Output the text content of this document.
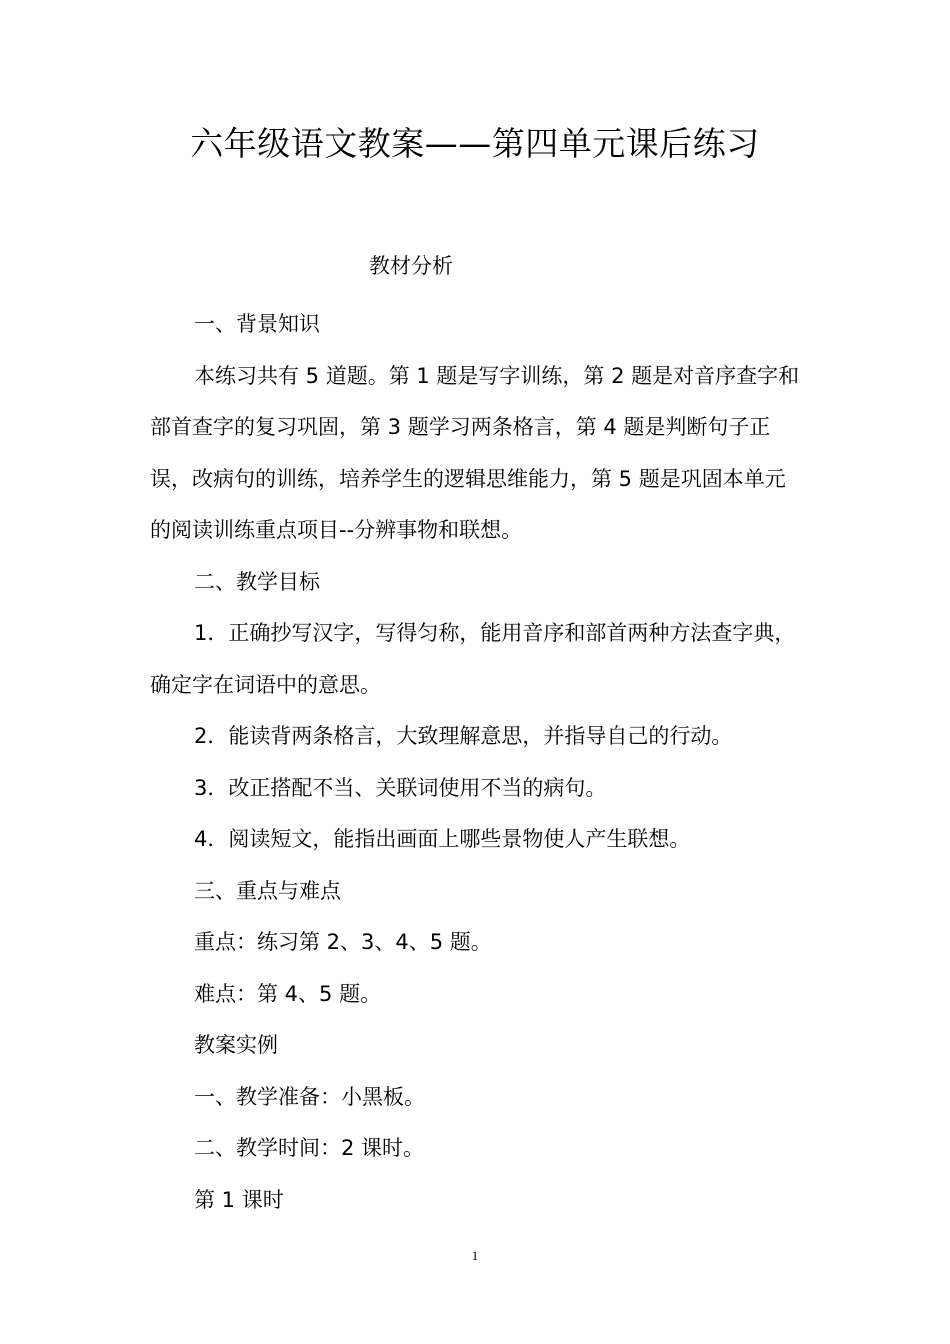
六年级语文教案——第四单元课后练习
教材分析

一、背景知识

本练习共有 5 道题。第 1 题是写字训练，第 2 题是对音序查字和部首查字的复习巩固，第 3 题学习两条格言，第 4 题是判断句子正误，改病句的训练，培养学生的逻辑思维能力，第 5 题是巩固本单元的阅读训练重点项目--分辨事物和联想。

二、教学目标

1．正确抄写汉字，写得匀称，能用音序和部首两种方法查字典，确定字在词语中的意思。

2．能读背两条格言，大致理解意思，并指导自己的行动。

3．改正搭配不当、关联词使用不当的病句。

4．阅读短文，能指出画面上哪些景物使人产生联想。

三、重点与难点

重点：练习第 2、3、4、5 题。

难点：第 4、5 题。

教案实例

一、教学准备：小黑板。

二、教学时间：2 课时。

第 1 课时

1
